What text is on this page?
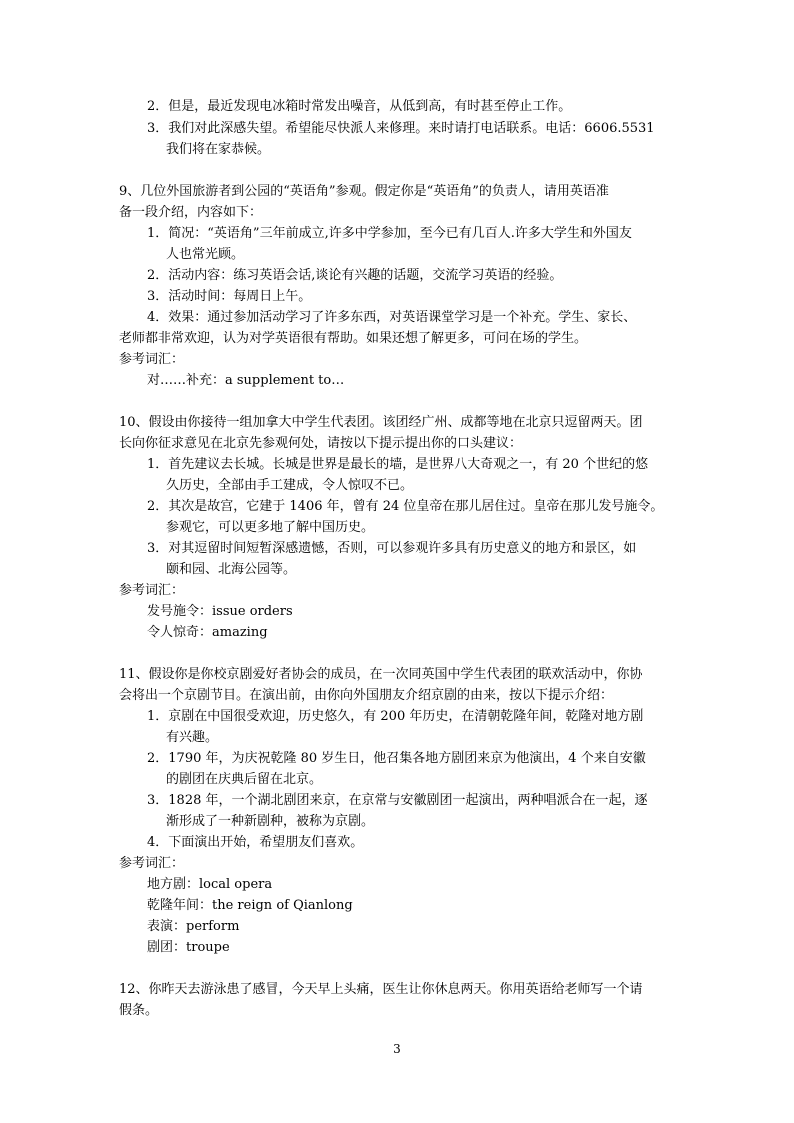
2．但是，最近发现电冰箱时常发出噪音，从低到高，有时甚至停止工作。
3．我们对此深感失望。希望能尽快派人来修理。来时请打电话联系。电话：6606.5531
我们将在家恭候。
9、几位外国旅游者到公园的“英语角”参观。假定你是“英语角”的负责人，请用英语准
备一段介绍，内容如下：
1．简况：“英语角”三年前成立,许多中学参加，至今已有几百人.许多大学生和外国友
人也常光顾。
2．活动内容：练习英语会话,谈论有兴趣的话题，交流学习英语的经验。
3．活动时间：每周日上午。
4．效果：通过参加活动学习了许多东西，对英语课堂学习是一个补充。学生、家长、
老师都非常欢迎，认为对学英语很有帮助。如果还想了解更多，可问在场的学生。
参考词汇：
对……补充：a supplement to…
10、假设由你接待一组加拿大中学生代表团。该团经广州、成都等地在北京只逗留两天。团
长向你征求意见在北京先参观何处，请按以下提示提出你的口头建议：
1．首先建议去长城。长城是世界是最长的墙，是世界八大奇观之一，有 20 个世纪的悠
久历史，全部由手工建成，令人惊叹不已。
2．其次是故宫，它建于 1406 年，曾有 24 位皇帝在那儿居住过。皇帝在那儿发号施令。
参观它，可以更多地了解中国历史。
3．对其逗留时间短暂深感遗憾，否则，可以参观许多具有历史意义的地方和景区，如
颐和园、北海公园等。
参考词汇：
发号施令：issue orders
令人惊奇：amazing
11、假设你是你校京剧爱好者协会的成员，在一次同英国中学生代表团的联欢活动中，你协
会将出一个京剧节目。在演出前，由你向外国朋友介绍京剧的由来，按以下提示介绍：
1．京剧在中国很受欢迎，历史悠久，有 200 年历史，在清朝乾隆年间，乾隆对地方剧
有兴趣。
2．1790 年，为庆祝乾隆 80 岁生日，他召集各地方剧团来京为他演出，4 个来自安徽
的剧团在庆典后留在北京。
3．1828 年，一个湖北剧团来京，在京常与安徽剧团一起演出，两种唱派合在一起，逐
渐形成了一种新剧种，被称为京剧。
4．下面演出开始，希望朋友们喜欢。
参考词汇：
地方剧：local opera
乾隆年间：the reign of Qianlong
表演：perform
剧团：troupe
12、你昨天去游泳患了感冒，今天早上头痛，医生让你休息两天。你用英语给老师写一个请
假条。
3
